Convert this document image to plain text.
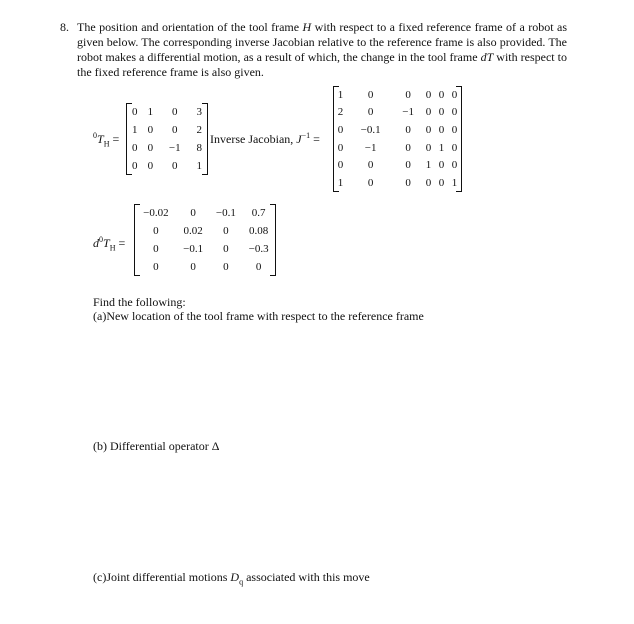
8. The position and orientation of the tool frame H with respect to a fixed reference frame of a robot as given below. The corresponding inverse Jacobian relative to the reference frame is also provided. The robot makes a differential motion, as a result of which, the change in the tool frame dT with respect to the fixed reference frame is also given.
$^0T_H$ =
0	1	0	3
1	0	0	2
0	0	−1	8
0	0	0	1
Inverse Jacobian, $J^{-1}$ =
1	0	0	0	0	0
2	0	−1	0	0	0
0	−0.1	0	0	0	0
0	−1	0	0	1	0
0	0	0	1	0	0
1	0	0	0	0	1
$d^0T_H$ =
−0.02	0	−0.1	0.7
0	0.02	0	0.08
0	−0.1	0	−0.3
0	0	0	0
Find the following:
(a)New location of the tool frame with respect to the reference frame
(b) Differential operator Δ
(c)Joint differential motions $D_q$ associated with this move
